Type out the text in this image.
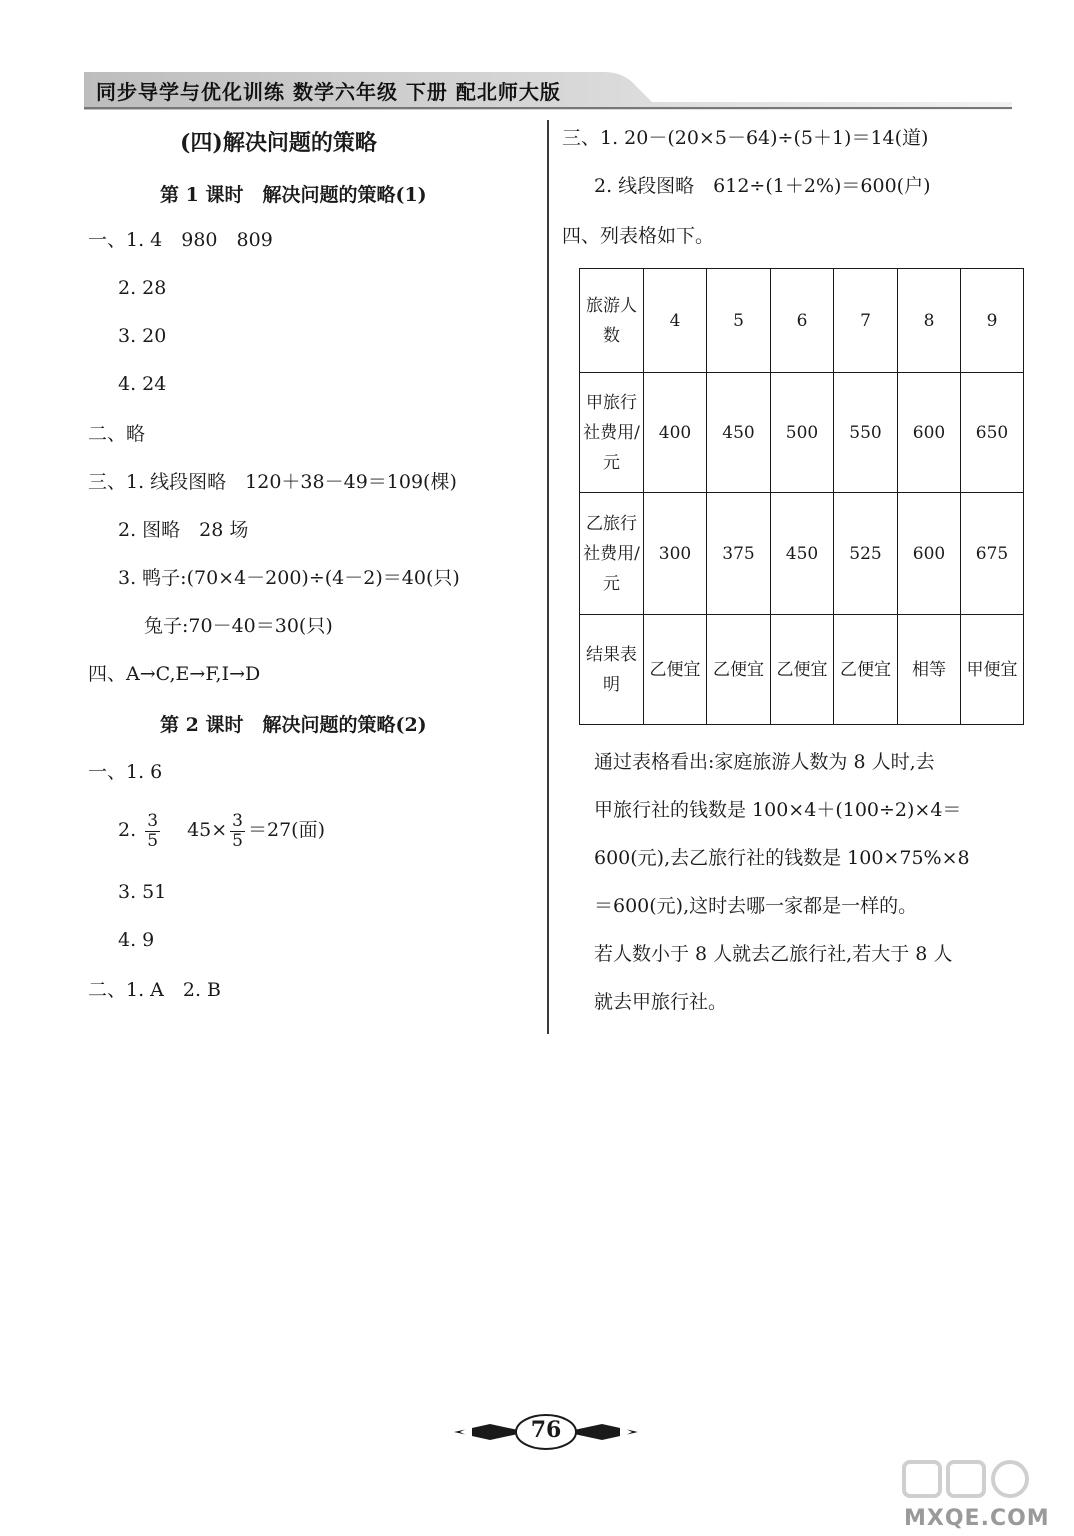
同步导学与优化训练 数学六年级 下册 配北师大版
(四)解决问题的策略
第 1 课时　解决问题的策略(1)
一、1. 4　980　809
2. 28
3. 20
4. 24
二、略
三、1. 线段图略　120＋38－49＝109(棵)
2. 图略　28 场
3. 鸭子:(70×4－200)÷(4－2)＝40(只)
兔子:70－40＝30(只)
四、A→C,E→F,I→D
第 2 课时　解决问题的策略(2)
一、1. 6
2. $\frac{3}{5} 45\times \frac{3}{5} =27$(面)
3. 51
4. 9
二、1. A　2. B
三、1. 20－(20×5－64)÷(5＋1)＝14(道)
2. 线段图略　612÷(1＋2%)＝600(户)
四、列表格如下。
旅游人数	4	5	6	7	8	9
甲旅行社费用/元	400	450	500	550	600	650
乙旅行社费用/元	300	375	450	525	600	675
结果表明	乙便宜	乙便宜	乙便宜	乙便宜	相等	甲便宜
通过表格看出:家庭旅游人数为 8 人时,去
甲旅行社的钱数是 100×4＋(100÷2)×4＝
600(元),去乙旅行社的钱数是 100×75%×8
＝600(元),这时去哪一家都是一样的。
若人数小于 8 人就去乙旅行社,若大于 8 人
就去甲旅行社。
76
MXQE.COM
